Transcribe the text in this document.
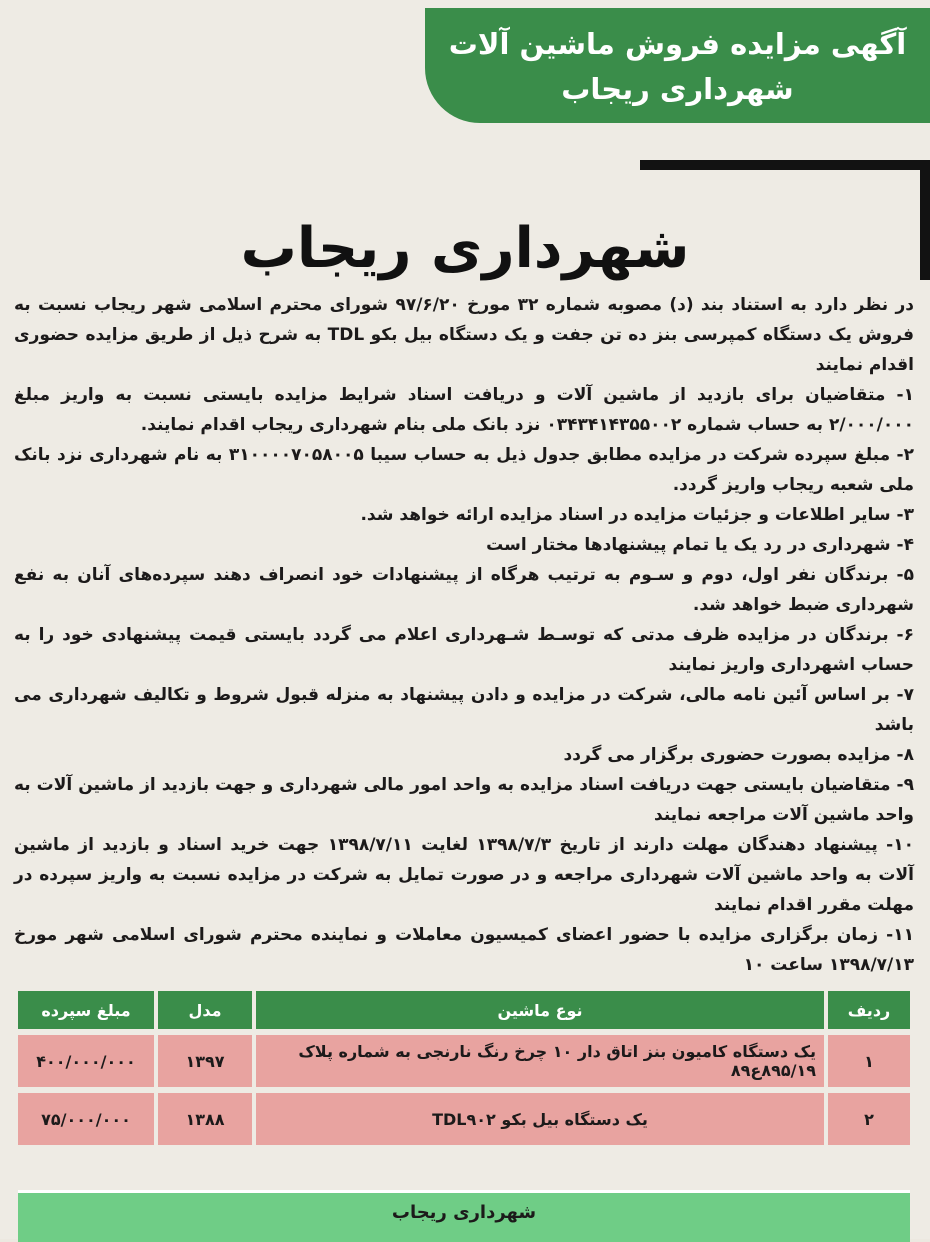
آگهی مزایده فروش ماشین آلات
شهرداری ریجاب
شهرداری ریجاب

در نظر دارد به استناد بند (د) مصوبه شماره ۳۲ مورخ ۹۷/۶/۲۰ شورای محترم اسلامی شهر ریجاب نسبت به فروش یک دستگاه کمپرسی بنز ده تن جفت و یک دستگاه بیل بکو TDL به شرح ذیل از طریق مزایده حضوری اقدام نمایند

۱- متقاضیان برای بازدید از ماشین آلات و دریافت اسناد شرایط مزایده بایستی نسبت به واریز مبلغ ۲/۰۰۰/۰۰۰ به حساب شماره ۰۳۴۳۴۱۴۳۵۵۰۰۲ نزد بانک ملی بنام شهرداری ریجاب اقدام نمایند.

۲- مبلغ سپرده شرکت در مزایده مطابق جدول ذیل به حساب سیبا ۳۱۰۰۰۰۷۰۵۸۰۰۵ به نام شهرداری نزد بانک ملی شعبه ریجاب واریز گردد.

۳- سایر اطلاعات و جزئیات مزایده در اسناد مزایده ارائه خواهد شد.

۴- شهرداری در رد یک یا تمام پیشنهادها مختار است

۵- برندگان نفر اول، دوم و سـوم به ترتیب هرگاه از پیشنهادات خود انصراف دهند سپرده‌های آنان به نفع شهرداری ضبط خواهد شد.

۶- برندگان در مزایده ظرف مدتی که توسـط شـهرداری اعلام می گردد بایستی قیمت پیشنهادی خود را به حساب اشهرداری واریز نمایند

۷- بر اساس آئین نامه مالی، شرکت در مزایده و دادن پیشنهاد به منزله قبول شروط و تکالیف شهرداری می باشد

۸- مزایده بصورت حضوری برگزار می گردد

۹- متقاضیان بایستی جهت دریافت اسناد مزایده به واحد امور مالی شهرداری و جهت بازدید از ماشین آلات به واحد ماشین آلات مراجعه نمایند

۱۰- پیشنهاد دهندگان مهلت دارند از تاریخ ۱۳۹۸/۷/۳ لغایت ۱۳۹۸/۷/۱۱ جهت خرید اسناد و بازدید از ماشین آلات به واحد ماشین آلات شهرداری مراجعه و در صورت تمایل به شرکت در مزایده نسبت به واریز سپرده در مهلت مقرر اقدام نمایند

۱۱- زمان برگزاری مزایده با حضور اعضای کمیسیون معاملات و نماینده محترم شورای اسلامی شهر مورخ ۱۳۹۸/۷/۱۳ ساعت ۱۰

ردیف	نوع ماشین	مدل	مبلغ سپرده
۱	یک دستگاه کامیون بنز اتاق دار ۱۰ چرخ رنگ نارنجی به شماره پلاک ۸۹۵/۱۹ع۸۹	۱۳۹۷	۴۰۰/۰۰۰/۰۰۰
۲	یک دستگاه بیل بکو TDL۹۰۲	۱۳۸۸	۷۵/۰۰۰/۰۰۰
شهرداری ریجاب
